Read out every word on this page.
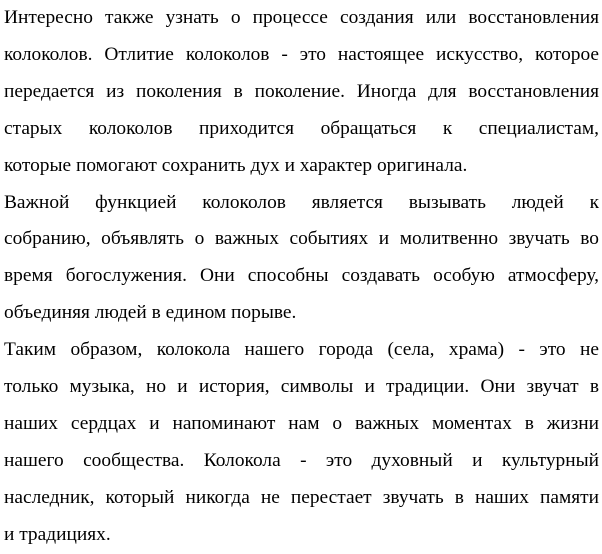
Интересно также узнать о процессе создания или восстановления
колоколов. Отлитие колоколов - это настоящее искусство, которое
передается из поколения в поколение. Иногда для восстановления
старых колоколов приходится обращаться к специалистам,
которые помогают сохранить дух и характер оригинала.
Важной функцией колоколов является вызывать людей к
собранию, объявлять о важных событиях и молитвенно звучать во
время богослужения. Они способны создавать особую атмосферу,
объединяя людей в едином порыве.
Таким образом, колокола нашего города (села, храма) - это не
только музыка, но и история, символы и традиции. Они звучат в
наших сердцах и напоминают нам о важных моментах в жизни
нашего сообщества. Колокола - это духовный и культурный
наследник, который никогда не перестает звучать в наших памяти
и традициях.
